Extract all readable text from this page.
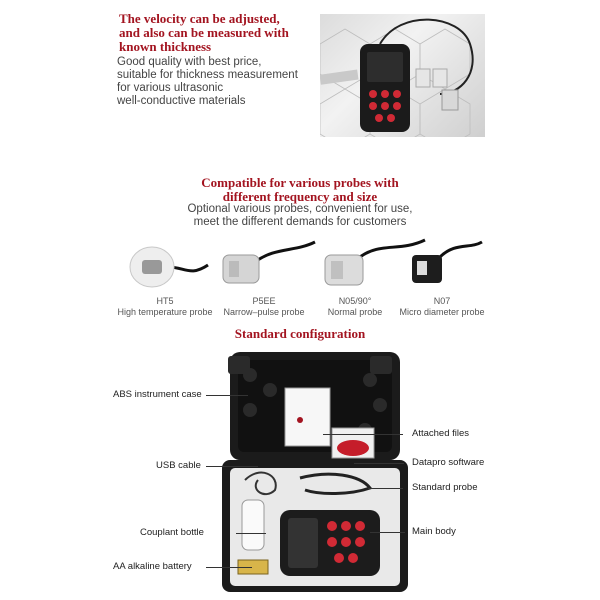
The velocity can be adjusted,
and also can be measured with
known thickness
Good quality with best price,
suitable for thickness measurement
for various ultrasonic
well-conductive materials
Compatible for various probes with
different frequency and size
Optional various probes, convenient for use,
meet the different demands for customers
HT5
High temperature probe
P5EE
Narrow–pulse probe
N05/90°
Normal probe
N07
Micro diameter probe
Standard configuration
ABS instrument case
USB cable
Couplant bottle
AA alkaline battery
Attached files
Datapro software
Standard probe
Main body
